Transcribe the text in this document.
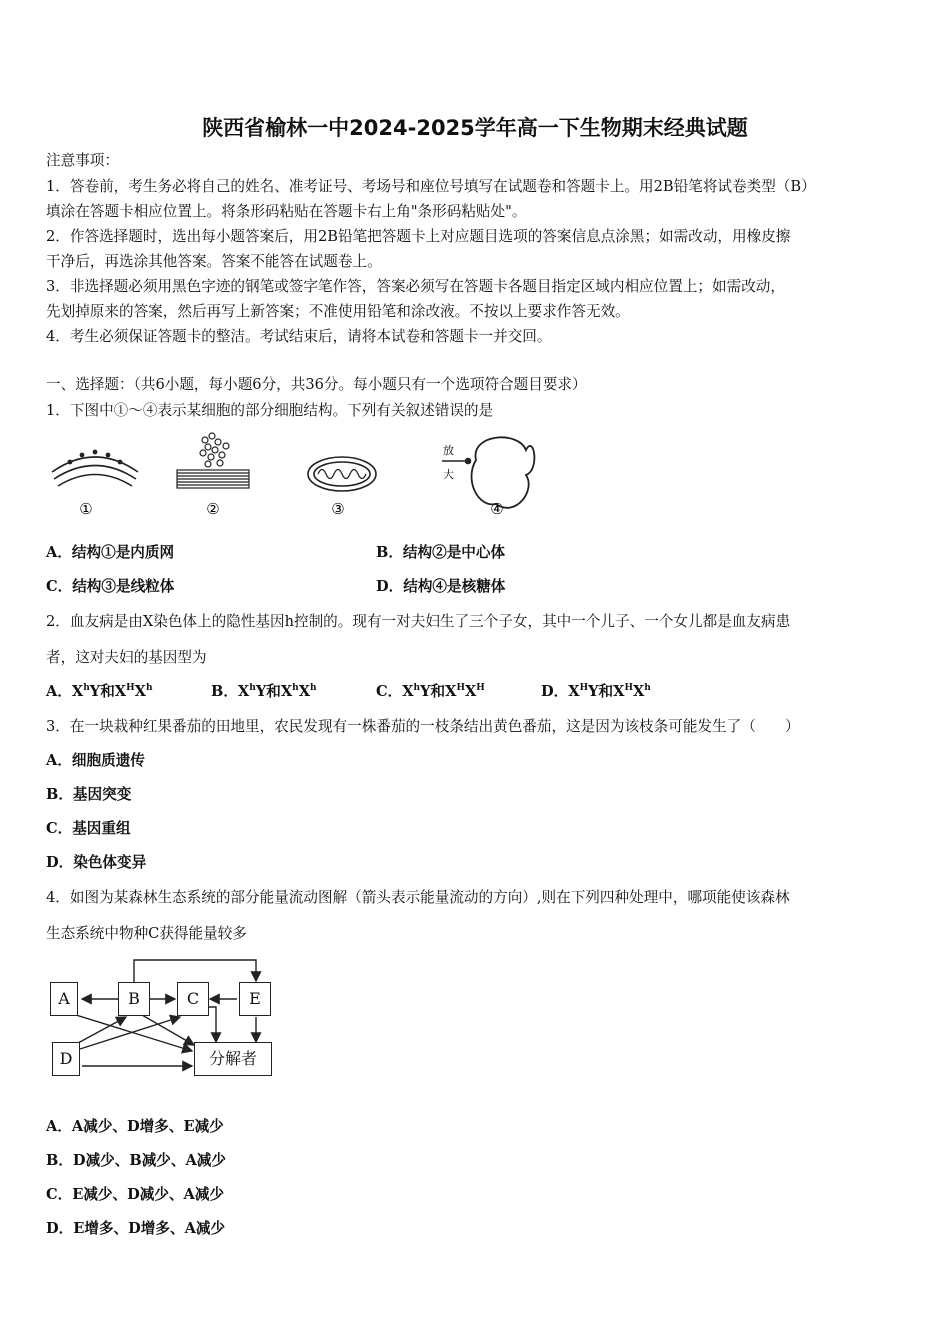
陕西省榆林一中2024-2025学年高一下生物期末经典试题
注意事项：
1．答卷前，考生务必将自己的姓名、准考证号、考场号和座位号填写在试题卷和答题卡上。用2B铅笔将试卷类型（B）
填涂在答题卡相应位置上。将条形码粘贴在答题卡右上角"条形码粘贴处"。
2．作答选择题时，选出每小题答案后，用2B铅笔把答题卡上对应题目选项的答案信息点涂黑；如需改动，用橡皮擦
干净后，再选涂其他答案。答案不能答在试题卷上。
3．非选择题必须用黑色字迹的钢笔或签字笔作答，答案必须写在答题卡各题目指定区域内相应位置上；如需改动，
先划掉原来的答案，然后再写上新答案；不准使用铅笔和涂改液。不按以上要求作答无效。
4．考生必须保证答题卡的整洁。考试结束后，请将本试卷和答题卡一并交回。
一、选择题：（共6小题，每小题6分，共36分。每小题只有一个选项符合题目要求）
1．下图中①～④表示某细胞的部分细胞结构。下列有关叙述错误的是
放
大
①	②	③	④
A．结构①是内质网	B．结构②是中心体
C．结构③是线粒体	D．结构④是核糖体
2．血友病是由X染色体上的隐性基因h控制的。现有一对夫妇生了三个子女，其中一个儿子、一个女儿都是血友病患
者，这对夫妇的基因型为
A．$X^hY$和$X^HX^h$	B．$X^hY$和$X^hX^h$	C．$X^hY$和$X^HX^H$	D．$X^HY$和$X^HX^h$
3．在一块栽种红果番茄的田地里，农民发现有一株番茄的一枝条结出黄色番茄，这是因为该枝条可能发生了（　　）
A．细胞质遗传
B．基因突变
C．基因重组
D．染色体变异
4．如图为某森林生态系统的部分能量流动图解（箭头表示能量流动的方向）,则在下列四种处理中，哪项能使该森林
生态系统中物种C获得能量较多
A	B	C	E
D	分解者
A．A减少、D增多、E减少
B．D减少、B减少、A减少
C．E减少、D减少、A减少
D．E增多、D增多、A减少
